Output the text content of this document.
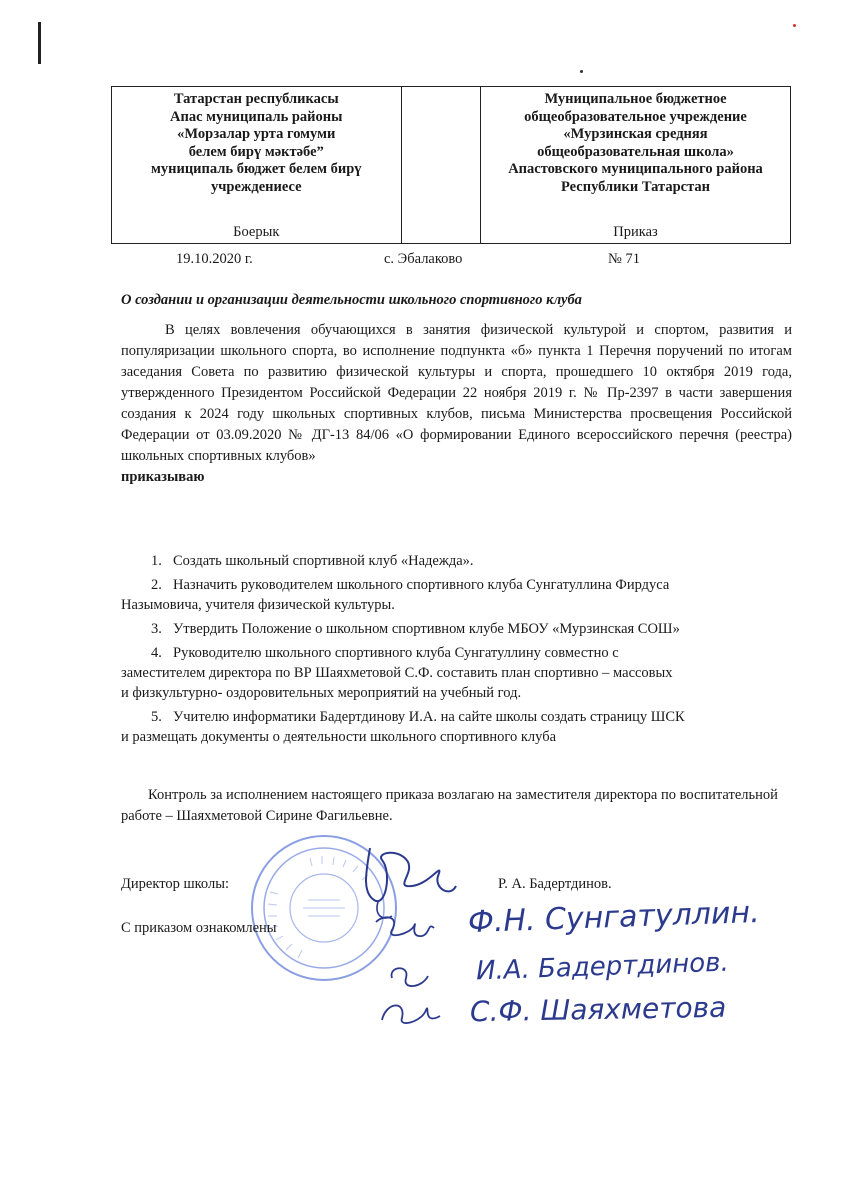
Татарстан республикасы
Апас муниципаль районы
«Морзалар урта гомуми
белем бирү мәктәбе”
муниципаль бюджет белем бирү
учреждениесе
Боерык

Муниципальное бюджетное
общеобразовательное учреждение
«Мурзинская средняя
общеобразовательная школа»
Апастовского муниципального района
Республики Татарстан
Приказ
19.10.2020 г.	с. Эбалаково	№ 71
О создании и организации деятельности школьного спортивного клуба
В целях вовлечения обучающихся в занятия физической культурой и спортом, развития и популяризации школьного спорта, во исполнение подпункта «б» пункта 1 Перечня поручений по итогам заседания Совета по развитию физической культуры и спорта, прошедшего 10 октября 2019 года, утвержденного Президентом Российской Федерации 22 ноября 2019 г. № Пр-2397 в части завершения создания к 2024 году школьных спортивных клубов, письма Министерства просвещения Российской Федерации от 03.09.2020 № ДГ-13 84/06 «О формировании Единого всероссийского перечня (реестра) школьных спортивных клубов»
приказываю
1. Создать школьный спортивной клуб «Надежда».
2. Назначить руководителем школьного спортивного клуба Сунгатуллина Фирдуса
Назымовича, учителя физической культуры.
3. Утвердить Положение о школьном спортивном клубе МБОУ «Мурзинская СОШ»
4. Руководителю школьного спортивного клуба Сунгатуллину совместно с
заместителем директора по ВР Шаяхметовой С.Ф. составить план спортивно – массовых
и физкультурно- оздоровительных мероприятий на учебный год.
5. Учителю информатики Бадертдинову И.А. на сайте школы создать страницу ШСК
и размещать документы о деятельности школьного спортивного клуба
Контроль за исполнением настоящего приказа возлагаю на заместителя директора по воспитательной работе – Шаяхметовой Сирине Фагильевне.
Директор школы:	Р. А. Бадертдинов.
С приказом ознакомлены	Ф.Н. Сунгатуллин.
И.А. Бадертдинов.
С.Ф. Шаяхметова
